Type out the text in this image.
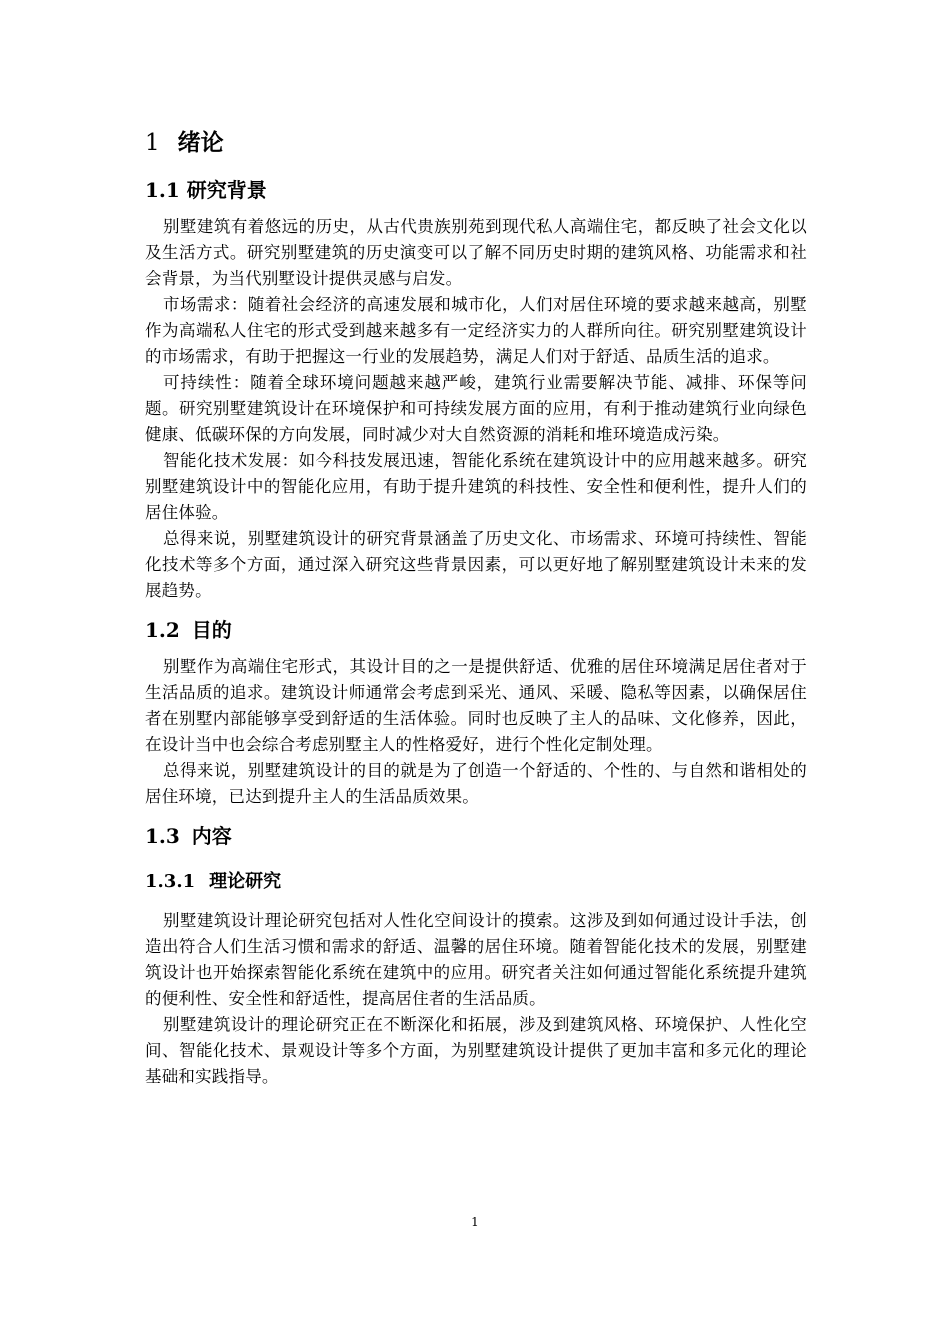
1 绪论
1.1 研究背景

别墅建筑有着悠远的历史，从古代贵族别苑到现代私人高端住宅，都反映了社会文化以及生活方式。研究别墅建筑的历史演变可以了解不同历史时期的建筑风格、功能需求和社会背景，为当代别墅设计提供灵感与启发。

市场需求：随着社会经济的高速发展和城市化，人们对居住环境的要求越来越高，别墅作为高端私人住宅的形式受到越来越多有一定经济实力的人群所向往。研究别墅建筑设计的市场需求，有助于把握这一行业的发展趋势，满足人们对于舒适、品质生活的追求。

可持续性：随着全球环境问题越来越严峻，建筑行业需要解决节能、减排、环保等问题。研究别墅建筑设计在环境保护和可持续发展方面的应用，有利于推动建筑行业向绿色健康、低碳环保的方向发展，同时减少对大自然资源的消耗和堆环境造成污染。

智能化技术发展：如今科技发展迅速，智能化系统在建筑设计中的应用越来越多。研究别墅建筑设计中的智能化应用，有助于提升建筑的科技性、安全性和便利性，提升人们的居住体验。

总得来说，别墅建筑设计的研究背景涵盖了历史文化、市场需求、环境可持续性、智能化技术等多个方面，通过深入研究这些背景因素，可以更好地了解别墅建筑设计未来的发展趋势。

1.2 目的

别墅作为高端住宅形式，其设计目的之一是提供舒适、优雅的居住环境满足居住者对于生活品质的追求。建筑设计师通常会考虑到采光、通风、采暖、隐私等因素，以确保居住者在别墅内部能够享受到舒适的生活体验。同时也反映了主人的品味、文化修养，因此，在设计当中也会综合考虑别墅主人的性格爱好，进行个性化定制处理。

总得来说，别墅建筑设计的目的就是为了创造一个舒适的、个性的、与自然和谐相处的居住环境，已达到提升主人的生活品质效果。

1.3 内容
1.3.1 理论研究

别墅建筑设计理论研究包括对人性化空间设计的摸索。这涉及到如何通过设计手法，创造出符合人们生活习惯和需求的舒适、温馨的居住环境。随着智能化技术的发展，别墅建筑设计也开始探索智能化系统在建筑中的应用。研究者关注如何通过智能化系统提升建筑的便利性、安全性和舒适性，提高居住者的生活品质。

别墅建筑设计的理论研究正在不断深化和拓展，涉及到建筑风格、环境保护、人性化空间、智能化技术、景观设计等多个方面，为别墅建筑设计提供了更加丰富和多元化的理论基础和实践指导。

1
